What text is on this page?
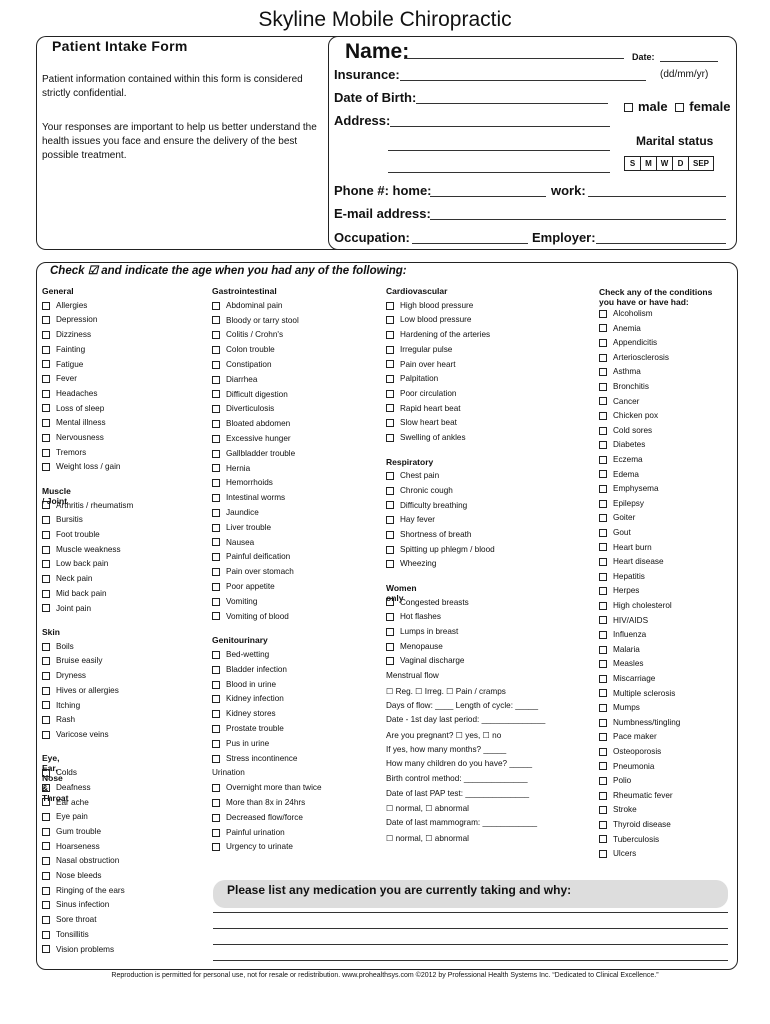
Skyline Mobile Chiropractic
Patient Intake Form
Patient information contained within this form is considered strictly confidential.
Your responses are important to help us better understand the health issues you face and ensure the delivery of the best possible treatment.
Name:	Date:
Insurance:	(dd/mm/yr)
Date of Birth:
male female
Address:
Marital status
S	M	W	D	SEP
Phone #: home:	work:
E-mail address:
Occupation:	Employer:
Check ☑ and indicate the age when you had any of the following:
General
Allergies
Depression
Dizziness
Fainting
Fatigue
Fever
Headaches
Loss of sleep
Mental illness
Nervousness
Tremors
Weight loss / gain
Muscle / Joint
Arthritis / rheumatism
Bursitis
Foot trouble
Muscle weakness
Low back pain
Neck pain
Mid back pain
Joint pain
Skin
Boils
Bruise easily
Dryness
Hives or allergies
Itching
Rash
Varicose veins
Eye, Ear, Nose & Throat
Colds
Deafness
Ear ache
Eye pain
Gum trouble
Hoarseness
Nasal obstruction
Nose bleeds
Ringing of the ears
Sinus infection
Sore throat
Tonsillitis
Vision problems
Gastrointestinal
Abdominal pain
Bloody or tarry stool
Colitis / Crohn's
Colon trouble
Constipation
Diarrhea
Difficult digestion
Diverticulosis
Bloated abdomen
Excessive hunger
Gallbladder trouble
Hernia
Hemorrhoids
Intestinal worms
Jaundice
Liver trouble
Nausea
Painful deification
Pain over stomach
Poor appetite
Vomiting
Vomiting of blood
Genitourinary
Bed-wetting
Bladder infection
Blood in urine
Kidney infection
Kidney stores
Prostate trouble
Pus in urine
Stress incontinence
Urination
Overnight more than twice
More than 8x in 24hrs
Decreased flow/force
Painful urination
Urgency to urinate
Cardiovascular
High blood pressure
Low blood pressure
Hardening of the arteries
Irregular pulse
Pain over heart
Palpitation
Poor circulation
Rapid heart beat
Slow heart beat
Swelling of ankles
Respiratory
Chest pain
Chronic cough
Difficulty breathing
Hay fever
Shortness of breath
Spitting up phlegm / blood
Wheezing
Women only
Congested breasts
Hot flashes
Lumps in breast
Menopause
Vaginal discharge
Menstrual flow
☐ Reg. ☐ Irreg. ☐ Pain / cramps
Days of flow: ____ Length of cycle: _____
Date - 1st day last period: ______________
Are you pregnant? ☐ yes, ☐ no
If yes, how many months? _____
How many children do you have? _____
Birth control method: ______________
Date of last PAP test: ______________
☐ normal, ☐ abnormal
Date of last mammogram: ____________
☐ normal, ☐ abnormal
Check any of the conditions you have or have had:
Alcoholism
Anemia
Appendicitis
Arteriosclerosis
Asthma
Bronchitis
Cancer
Chicken pox
Cold sores
Diabetes
Eczema
Edema
Emphysema
Epilepsy
Goiter
Gout
Heart burn
Heart disease
Hepatitis
Herpes
High cholesterol
HIV/AIDS
Influenza
Malaria
Measles
Miscarriage
Multiple sclerosis
Mumps
Numbness/tingling
Pace maker
Osteoporosis
Pneumonia
Polio
Rheumatic fever
Stroke
Thyroid disease
Tuberculosis
Ulcers
Please list any medication you are currently taking and why:
Reproduction is permitted for personal use, not for resale or redistribution. www.prohealthsys.com ©2012 by Professional Health Systems Inc. “Dedicated to Clinical Excellence.”
